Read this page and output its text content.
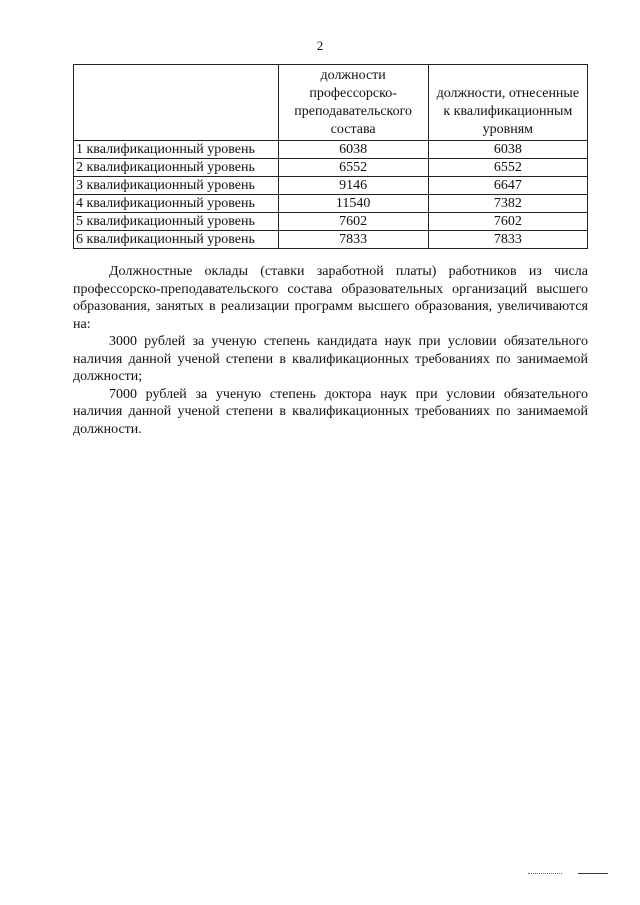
2
	должности профессорско-преподавательского состава	должности, отнесенные к квалификационным уровням
1 квалификационный уровень	6038	6038
2 квалификационный уровень	6552	6552
3 квалификационный уровень	9146	6647
4 квалификационный уровень	11540	7382
5 квалификационный уровень	7602	7602
6 квалификационный уровень	7833	7833

Должностные оклады (ставки заработной платы) работников из числа профессорско-преподавательского состава образовательных организаций высшего образования, занятых в реализации программ высшего образования, увеличиваются на:

3000 рублей за ученую степень кандидата наук при условии обязательного наличия данной ученой степени в квалификационных требованиях по занимаемой должности;

7000 рублей за ученую степень доктора наук при условии обязательного наличия данной ученой степени в квалификационных требованиях по занимаемой должности.
